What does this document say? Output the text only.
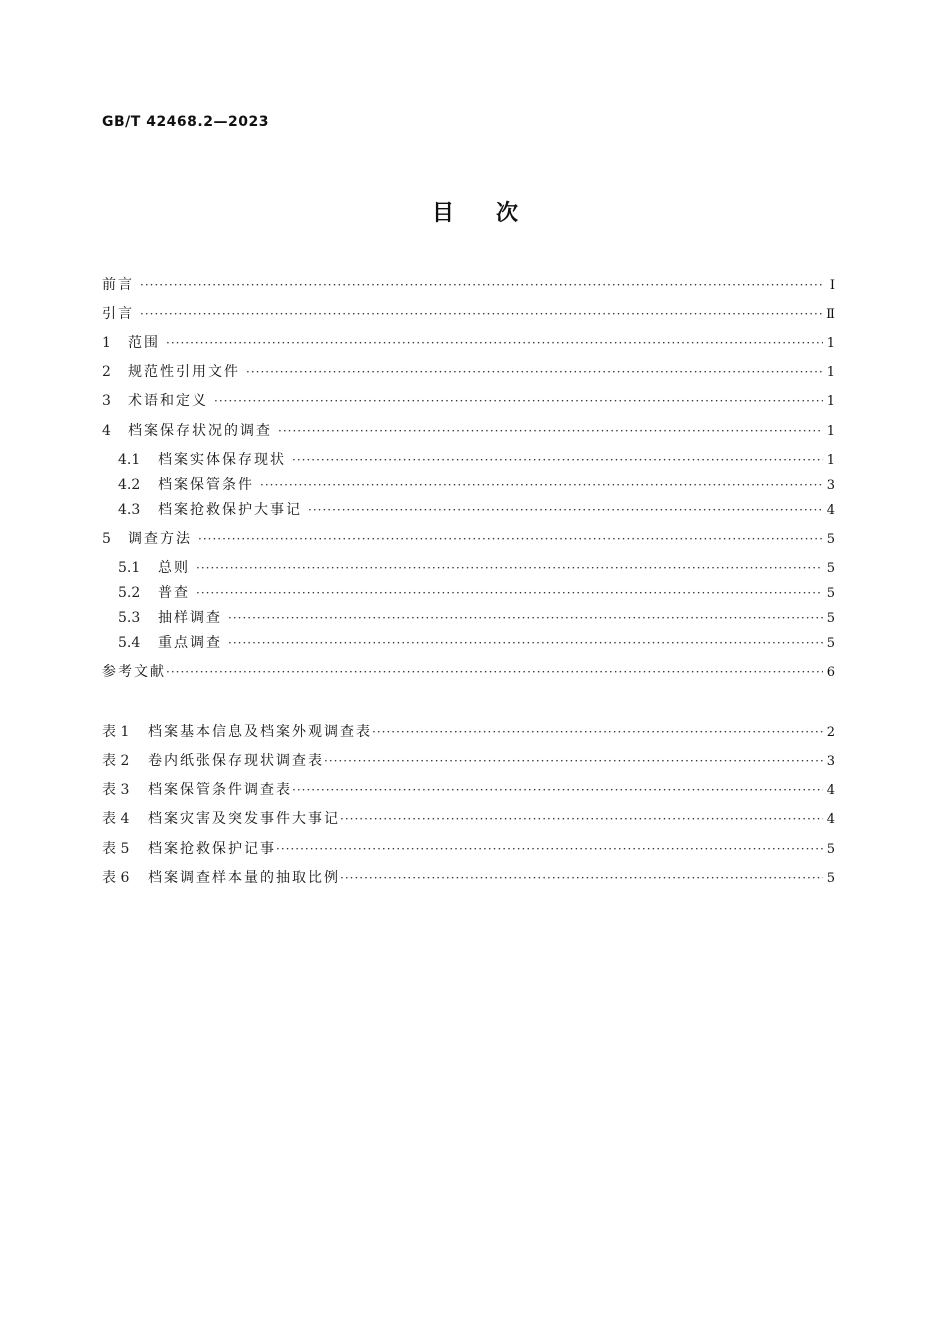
GB/T 42468.2—2023
目次
前言 ·····	Ⅰ
引言 ·····	Ⅱ
1	范围 ·····	1
2	规范性引用文件 ·····	1
3	术语和定义 ·····	1
4	档案保存状况的调查 ·····	1
4.1	档案实体保存现状 ·····	1
4.2	档案保管条件 ·····	3
4.3	档案抢救保护大事记 ·····	4
5	调查方法 ·····	5
5.1	总则 ·····	5
5.2	普查 ·····	5
5.3	抽样调查 ·····	5
5.4	重点调查 ·····	5
参考文献 ·····	6
表 1	档案基本信息及档案外观调查表 ·····	2
表 2	卷内纸张保存现状调查表 ·····	3
表 3	档案保管条件调查表 ·····	4
表 4	档案灾害及突发事件大事记 ·····	4
表 5	档案抢救保护记事 ·····	5
表 6	档案调查样本量的抽取比例 ·····	5
